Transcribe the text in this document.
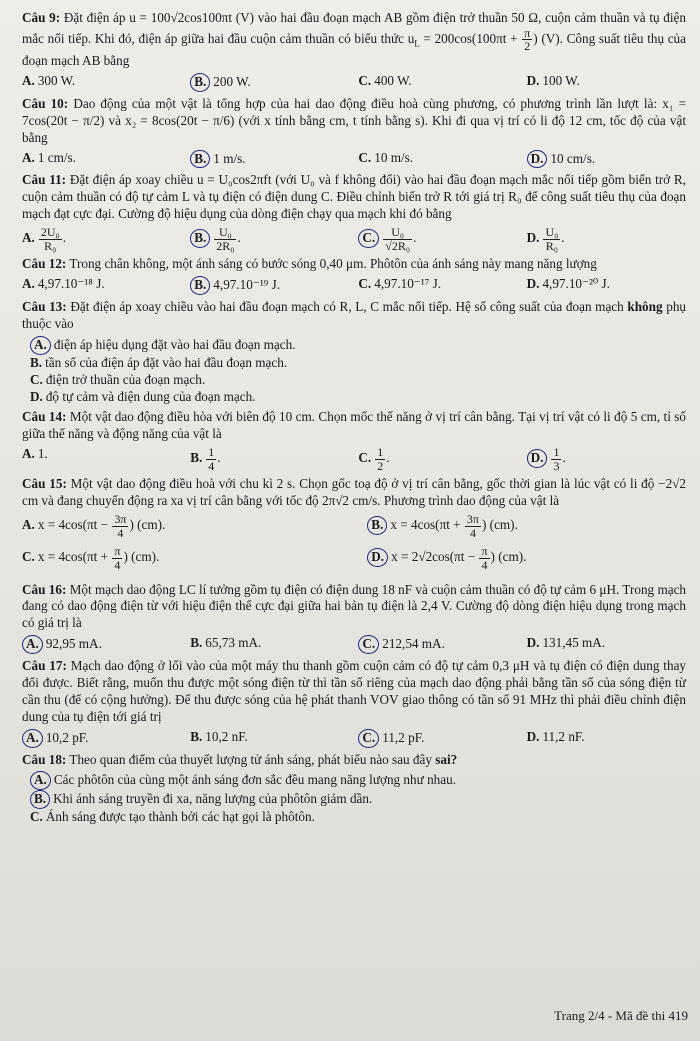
Câu 9: Đặt điện áp u = 100√2cos100πt (V) vào hai đầu đoạn mạch AB gồm điện trở thuần 50 Ω, cuộn cảm thuần và tụ điện mắc nối tiếp. Khi đó, điện áp giữa hai đầu cuộn cảm thuần có biểu thức $u_L = 200\cos(100\pi t + \frac{\pi}{2}$ ) (V). Công suất tiêu thụ của đoạn mạch AB bằng

A. 300 W.	B. 200 W.	C. 400 W.	D. 100 W.

Câu 10: Dao động của một vật là tổng hợp của hai dao động điều hoà cùng phương, có phương trình lần lượt là: x₁ = 7cos(20t − π/2) và x₂ = 8cos(20t − π/6) (với x tính bằng cm, t tính bằng s). Khi đi qua vị trí có li độ 12 cm, tốc độ của vật bằng

A. 1 cm/s.	B. 1 m/s.	C. 10 m/s.	D. 10 cm/s.

Câu 11: Đặt điện áp xoay chiều u = U₀cos2πft (với U₀ và f không đổi) vào hai đầu đoạn mạch mắc nối tiếp gồm biến trở R, cuộn cảm thuần có độ tự cảm L và tụ điện có điện dung C. Điều chỉnh biến trở R tới giá trị R₀ để công suất tiêu thụ của đoạn mạch đạt cực đại. Cường độ hiệu dụng của dòng điện chạy qua mạch khi đó bằng

A. $\frac{\text{2U₀}}{\text{R₀}}$ .	B. $\frac{\text{U₀}}{\text{2R₀}}$ .	C. $\frac{\text{U₀}}{\text{√2R₀}}$ .	D. $\frac{\text{U₀}}{\text{R₀}}$ .

Câu 12: Trong chân không, một ánh sáng có bước sóng 0,40 μm. Phôtôn của ánh sáng này mang năng lượng

A. 4,97.10⁻¹⁸ J.	B. 4,97.10⁻¹⁹ J.	C. 4,97.10⁻¹⁷ J.	D. 4,97.10⁻²⁰ J.

Câu 13: Đặt điện áp xoay chiều vào hai đầu đoạn mạch có R, L, C mắc nối tiếp. Hệ số công suất của đoạn mạch không phụ thuộc vào

A. điện áp hiệu dụng đặt vào hai đầu đoạn mạch.
B. tần số của điện áp đặt vào hai đầu đoạn mạch.
C. điện trở thuần của đoạn mạch.
D. độ tự cảm và điện dung của đoạn mạch.

Câu 14: Một vật dao động điều hòa với biên độ 10 cm. Chọn mốc thế năng ở vị trí cân bằng. Tại vị trí vật có li độ 5 cm, tỉ số giữa thế năng và động năng của vật là

A. 1.	B. $\frac{1}{4}$ .	C. $\frac{1}{2}$ .	D. $\frac{1}{3}$ .

Câu 15: Một vật dao động điều hoà với chu kì 2 s. Chọn gốc toạ độ ở vị trí cân bằng, gốc thời gian là lúc vật có li độ −2√2 cm và đang chuyển động ra xa vị trí cân bằng với tốc độ 2π√2 cm/s. Phương trình dao động của vật là

A. $x = 4\cos(\pi t - \frac{3\pi}{4}$ ) (cm).	B. $x = 4\cos(\pi t + \frac{3\pi}{4}$ ) (cm).
C. $x = 4\cos(\pi t + \frac{\pi}{4}$ ) (cm).	D. $x = 2√2\cos(\pi t - \frac{\pi}{4}$ ) (cm).

Câu 16: Một mạch dao động LC lí tưởng gồm tụ điện có điện dung 18 nF và cuộn cảm thuần có độ tự cảm 6 μH. Trong mạch đang có dao động điện từ với hiệu điện thế cực đại giữa hai bản tụ điện là 2,4 V. Cường độ dòng điện hiệu dụng trong mạch có giá trị là

A. 92,95 mA.	B. 65,73 mA.	C. 212,54 mA.	D. 131,45 mA.

Câu 17: Mạch dao động ở lối vào của một máy thu thanh gồm cuộn cảm có độ tự cảm 0,3 μH và tụ điện có điện dung thay đổi được. Biết rằng, muốn thu được một sóng điện từ thì tần số riêng của mạch dao động phải bằng tần số của sóng điện từ cần thu (để có cộng hưởng). Để thu được sóng của hệ phát thanh VOV giao thông có tần số 91 MHz thì phải điều chỉnh điện dung của tụ điện tới giá trị

A. 10,2 pF.	B. 10,2 nF.	C. 11,2 pF.	D. 11,2 nF.

Câu 18: Theo quan điểm của thuyết lượng tử ánh sáng, phát biểu nào sau đây sai?

A. Các phôtôn của cùng một ánh sáng đơn sắc đều mang năng lượng như nhau.
B. Khi ánh sáng truyền đi xa, năng lượng của phôtôn giảm dần.
C. Ánh sáng được tạo thành bởi các hạt gọi là phôtôn.
Trang 2/4 - Mã đề thi 419
